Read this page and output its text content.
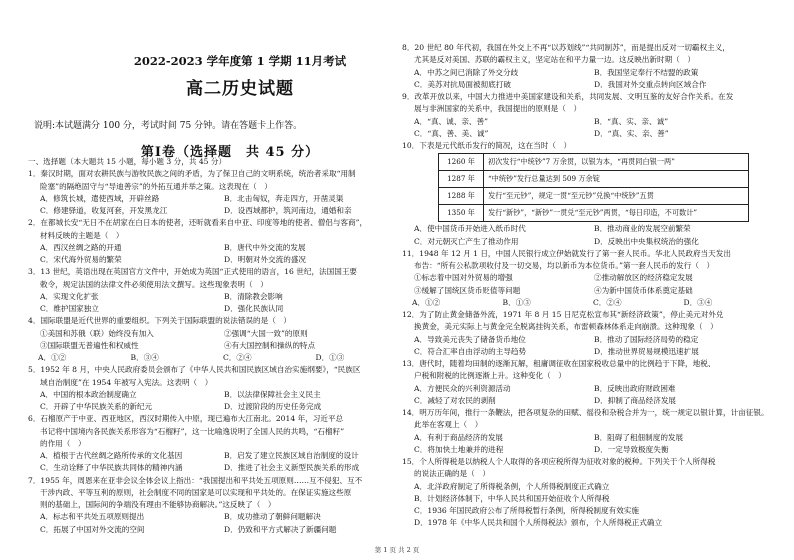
2022-2023 学年度第 1 学期 11月考试
高二历史试题
说明:本试题满分 100 分，考试时间 75 分钟。请在答题卡上作答。
第Ⅰ卷（选择题　共 45 分）
一、选择题（本大题共 15 小题，每小题 3 分，共 45 分）
1．秦汉时期，面对农耕民族与游牧民族之间的矛盾，为了保卫自己的文明系统，统治者采取“用制
险塞”的隔绝固守与“导迪善宗”的外拓互通并举之策。这表现在（　）
A．修筑长城，遣使西域，开辟丝路	B．北击匈奴，奔走四方，开凿灵渠
C．修建驿道，收复河套，开发黑龙江	D．设西域都护，筑河南边，通婚和亲
2．在都城长安“无日不在胡家在白日本的使者，还听就看来自中亚、印度等地的使者、僧侣与客商”，
材料反映的主题是（　）
A．西汉丝绸之路的开通	B．唐代中外交流的发展
C．宋代海外贸易的繁荣	D．明朝对外交流的盛况
3．13 世纪，英语出现在英国官方文件中，开始成为英国“正式使用的语言，16 世纪，法国国王要
敕令，规定法国的法律文件必须使用法文撰写。这些现象表明（　）
A．实现文化扩张	B．清除教会影响
C．维护国家独立	D．强化民族认同
4．国际联盟是近代世界的重要组织。下列关于国际联盟的说法错误的是（　）
①美国和苏俄（联）始终没有加入	②强调“大国一致”的原则
③国际联盟无普遍性和权威性	④有大国控制和操纵的特点
A．①②	B．③④	C．②④	D．①③
5．1952 年 8 月，中央人民政府委员会颁布了《中华人民共和国民族区域自治实施纲要》，“民族区
域自治制度”在 1954 年被写入宪法。这表明（　）
A．中国的根本政治制度确立	B．以法律保障社会主义民主
C．开辟了中华民族关系的新纪元	D．过渡阶段的历史任务完成
6．石榴原产于中亚、西亚地区，西汉时期传入中原，现已遍布大江南北。2014 年，习近平总
书记将中国境内各民族关系形容为“石榴籽”，这一比喻逸说明了全国人民的共鸣，“石榴籽”
的作用（　）
A．植根于古代丝绸之路所传承的文化基因	B．启发了建立民族区域自治制度的设计
C．生动诠释了中华民族共同体的精神内涵	D．推进了社会主义新型民族关系的形成
7．1955 年，周恩来在亚非会议全体会议上指出：“我国提出和平共处五项原则……互不侵犯、互不
干涉内政、平等互利的原则，社会制度不同的国家是可以实现和平共处的。在保证实施这些原
则的基础上，国际间的争端没有理由不能够协商解决。”这反映了（　）
A．标志和平共处五项原则提出	B．成功推动了朝鲜问题解决
C．拓展了中国对外交流的空间	D．仍致和平方式解决了新疆问题
8．20 世纪 80 年代初，我国在外交上不再“以苏划线”“共同制苏”，而是提出反对一切霸权主义，
尤其是反对美国、苏联的霸权主义，坚定站在和平力量一边。这反映出新时期（　）
A．中苏之间已消除了外交分歧	B．我国坚定奉行不结盟的政策
C．美苏对抗局面被彻底打破	D．我国对外交重点转向区域合作
9．改革开放以来，中国大力推进中美国家建设和关系，共同发展、文明互鉴的友好合作关系。在发
展与非洲国家的关系中，我国提出的原则是（　）
A．“真、诚、亲、善”	B．“真、实、亲、诚”
C．“真、善、美、诚”	D．“真、实、亲、善”
10．下表是元代纸币发行的简况，这在当时（　）
1260 年	初次发行“中统钞”7 万余贯，以银为本，“再贯同白银一两”
1287 年	“中统钞”发行总量达到 509 万余锭
1288 年	发行“至元钞”，规定一贯“至元钞”兑换“中统钞”五贯
1350 年	发行“新钞”，“新钞”一贯兑“至元钞”两贯，“每日印造，不可数计”
A．使中国货币开始进入纸币时代	B．推动商业的发展空前繁荣
C．对元朝灭亡产生了推动作用	D．反映出中央集权统治的强化
11．1948 年 12 月 1 日，中国人民银行成立伊始就发行了第一套人民币。华北人民政府当天发出
布告：“所有公私款项收付及一切交易，均以新币为本位货币。”第一套人民币的发行（　）
①标志着中国对外贸易的增强	②推动解放区的经济稳定发展
③缓解了国统区货币贬值等问题	④为新中国货币体系奠定基础
A．①②	B．①③	C．②④	D．③④
12．为了防止黄金储备外流，1971 年 8 月 15 日尼克松宣布其“新经济政策”，停止美元对外兑
换黄金，美元实际上与黄金完全脱离挂钩关系，布雷顿森林体系走向崩溃。这种现象（　）
A．导致美元丧失了储备货币地位	B．推动了国际经济局势的稳定
C．符合汇率自由浮动的主导趋势	D．推动世界贸易规模迅速扩展
13．唐代时，随着均田制的逐渐瓦解，租庸调征收在国家税收总量中的比例趋于下降，地税、
户税和附税的比例逐渐上升。这种变化（　）
A．方便民众的兴利资源活动	B．反映出政府财政困难
C．减轻了对农民的剥削	D．抑制了商品经济发展
14．明万历年间，推行一条鞭法，把各项复杂的田赋、徭役和杂税合并为一，统一规定以银计算，计亩征银。
此举在客观上（　）
A．有利于商品经济的发展	B．阻碍了租佃制度的发展
C．将加快土地兼并的进程	D．一定导致极度失衡
15．个人所得税是以纳税人个人取得的各项应税所得为征收对象的税种。下列关于个人所得税
的说法正确的是（　）
A．北洋政府制定了所得税条例，个人所得税制度正式确立
B．计划经济体制下，中华人民共和国开始征收个人所得税
C．1936 年国民政府公布了所得税暂行条例，所得税制度有效实施
D．1978 年《中华人民共和国个人所得税法》颁布，个人所得税正式确立
第 1 页 共 2 页
